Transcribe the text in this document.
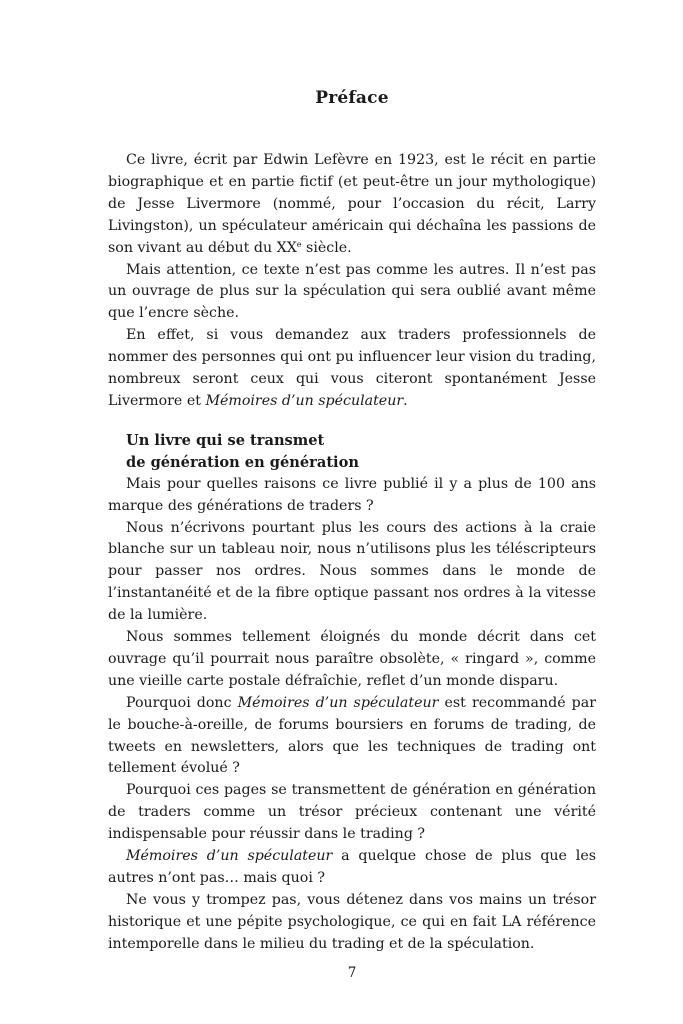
Préface

Ce livre, écrit par Edwin Lefèvre en 1923, est le récit en partie biographique et en partie fictif (et peut-être un jour mythologique) de Jesse Livermore (nommé, pour l’occasion du récit, Larry Livingston), un spéculateur américain qui déchaîna les passions de son vivant au début du XXe siècle.

Mais attention, ce texte n’est pas comme les autres. Il n’est pas un ouvrage de plus sur la spéculation qui sera oublié avant même que l’encre sèche.

En effet, si vous demandez aux traders professionnels de nommer des personnes qui ont pu influencer leur vision du trading, nombreux seront ceux qui vous citeront spontanément Jesse Livermore et Mémoires d’un spéculateur.

Un livre qui se transmet
de génération en génération

Mais pour quelles raisons ce livre publié il y a plus de 100 ans marque des générations de traders ?

Nous n’écrivons pourtant plus les cours des actions à la craie blanche sur un tableau noir, nous n’utilisons plus les téléscripteurs pour passer nos ordres. Nous sommes dans le monde de l’instantanéité et de la fibre optique passant nos ordres à la vitesse de la lumière.

Nous sommes tellement éloignés du monde décrit dans cet ouvrage qu’il pourrait nous paraître obsolète, « ringard », comme une vieille carte postale défraîchie, reflet d’un monde disparu.

Pourquoi donc Mémoires d’un spéculateur est recommandé par le bouche-à-oreille, de forums boursiers en forums de trading, de tweets en newsletters, alors que les techniques de trading ont tellement évolué ?

Pourquoi ces pages se transmettent de génération en génération de traders comme un trésor précieux contenant une vérité indispensable pour réussir dans le trading ?

Mémoires d’un spéculateur a quelque chose de plus que les autres n’ont pas… mais quoi ?

Ne vous y trompez pas, vous détenez dans vos mains un trésor historique et une pépite psychologique, ce qui en fait LA référence intemporelle dans le milieu du trading et de la spéculation.

7
